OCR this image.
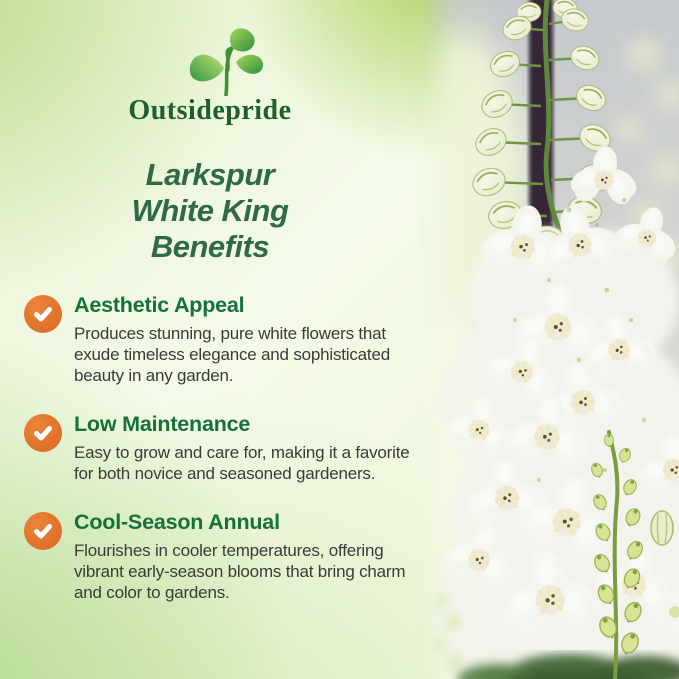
Outsidepride
Larkspur
White King
Benefits
Aesthetic Appeal
Produces stunning, pure white flowers that exude timeless elegance and sophisticated beauty in any garden.
Low Maintenance
Easy to grow and care for, making it a favorite for both novice and seasoned gardeners.
Cool-Season Annual
Flourishes in cooler temperatures, offering vibrant early-season blooms that bring charm and color to gardens.
